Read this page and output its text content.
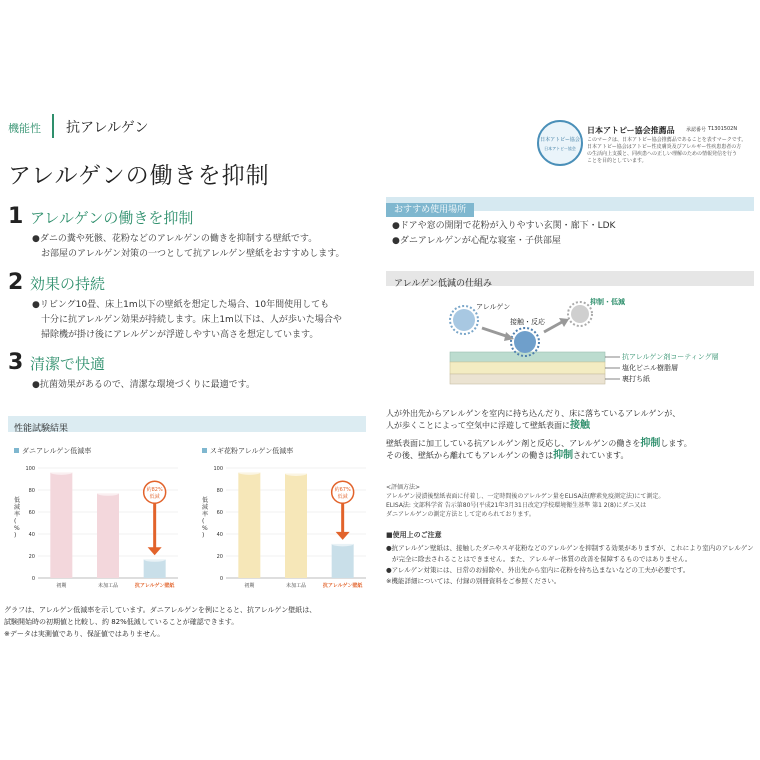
機能性 抗アレルゲン
アレルゲンの働きを抑制
日本アトピー協会
日本アトピー協会
日本アトピー協会推薦品 承認番号 T1301502N
このマークは、日本アトピー協会推薦品であることを表すマークです。
日本アトピー協会はアトピー性皮膚炎及びアレルギー性疾患患者の方
の生活向上支援と、同疾患への正しい理解のための情報発信を行う
ことを目的としています。
1 アレルゲンの働きを抑制
●ダニの糞や死骸、花粉などのアレルゲンの働きを抑制する壁紙です。
お部屋のアレルゲン対策の一つとして抗アレルゲン壁紙をおすすめします。
2 効果の持続
●リビング10畳、床上1m以下の壁紙を想定した場合、10年間使用しても
十分に抗アレルゲン効果が持続します。床上1m以下は、人が歩いた場合や
掃除機が掛け後にアレルゲンが浮遊しやすい高さを想定しています。
3 清潔で快適
●抗菌効果があるので、清潔な環境づくりに最適です。
おすすめ使用場所
●ドアや窓の開閉で花粉が入りやすい玄関・廊下・LDK
●ダニアレルゲンが心配な寝室・子供部屋
アレルゲン低減の仕組み
アレルゲン
接触・反応
抑制・低減
抗アレルゲン剤コーティング層
塩化ビニル樹脂層
裏打ち紙
人が外出先からアレルゲンを室内に持ち込んだり、床に落ちているアレルゲンが、
人が歩くことによって空気中に浮遊して壁紙表面に接触
壁紙表面に加工している抗アレルゲン剤と反応し、アレルゲンの働きを抑制します。
その後、壁紙から離れてもアレルゲンの働きは抑制されています。
<評価方法>
アレルゲン浸漬後壁紙表面に付着し、一定時間後のアレルゲン量をELISA法(酵素免疫測定法)にて測定。
ELISA法: 文部科学省 告示第80号(平成21年3月31日改定)学校環境衛生基準 第1 2(8)にダニ又は
ダニアレルゲンの測定方法として定められております。
■使用上のご注意
●抗アレルゲン壁紙は、接触したダニやスギ花粉などのアレルゲンを抑制する効果がありますが、これにより室内のアレルゲン
が完全に除去されることはできません。また、アレルギー体質の改善を保障するものではありません。
●アレルゲン対策には、日常のお掃除や、外出先から室内に花粉を持ち込まないなどの工夫が必要です。
※機能詳細については、付録の別冊資料をご参照ください。
性能試験結果
ダニアレルゲン低減率
100
80
60
40
20
0
低
減
率
(
%
)
初期	未加工品	抗アレルゲン壁紙
約82%
低減
スギ花粉アレルゲン低減率
100
80
60
40
20
0
低
減
率
(
%
)
初期	未加工品	抗アレルゲン壁紙
約67%
低減
グラフは、アレルゲン低減率を示しています。ダニアレルゲンを例にとると、抗アレルゲン壁紙は、
試験開始時の初期値と比較し、約 82%低減していることが確認できます。
※データは実測値であり、保証値ではありません。
